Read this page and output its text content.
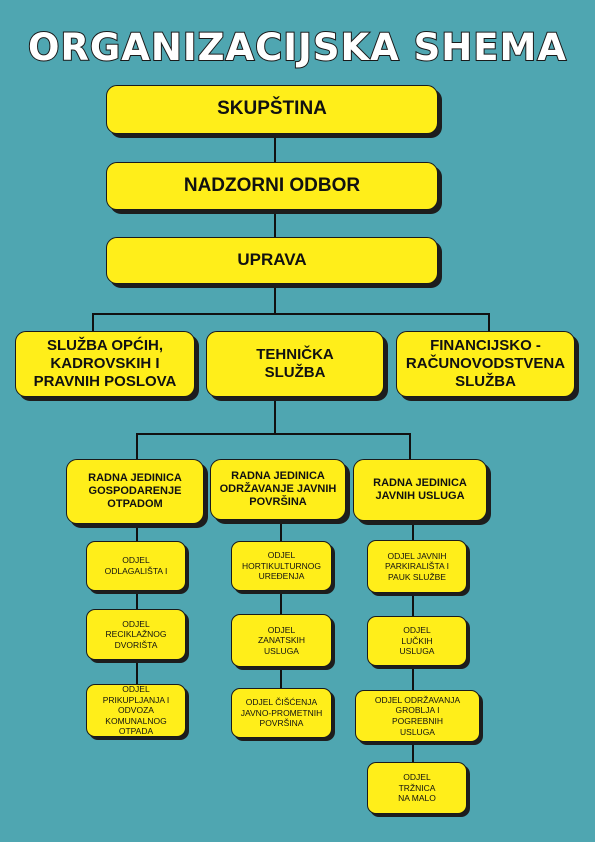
ORGANIZACIJSKA SHEMA
SKUPŠTINA
NADZORNI ODBOR
UPRAVA
SLUŽBA OPĆIH, KADROVSKIH I PRAVNIH POSLOVA
TEHNIČKA SLUŽBA
FINANCIJSKO - RAČUNOVODSTVENA SLUŽBA
RADNA JEDINICA GOSPODARENJE OTPADOM
RADNA JEDINICA ODRŽAVANJE JAVNIH POVRŠINA
RADNA JEDINICA JAVNIH USLUGA
ODJEL ODLAGALIŠTA I
ODJEL RECIKLAŽNOG DVORIŠTA
ODJEL PRIKUPLJANJA I ODVOZA KOMUNALNOG OTPADA
ODJEL HORTIKULTURNOG UREĐENJA
ODJEL ZANATSKIH USLUGA
ODJEL ČIŠĆENJA JAVNO-PROMETNIH POVRŠINA
ODJEL JAVNIH PARKIRALIŠTA I PAUK SLUŽBE
ODJEL LUČKIH USLUGA
ODJEL ODRŽAVANJA GROBLJA I POGREBNIH USLUGA
ODJEL TRŽNICA NA MALO
